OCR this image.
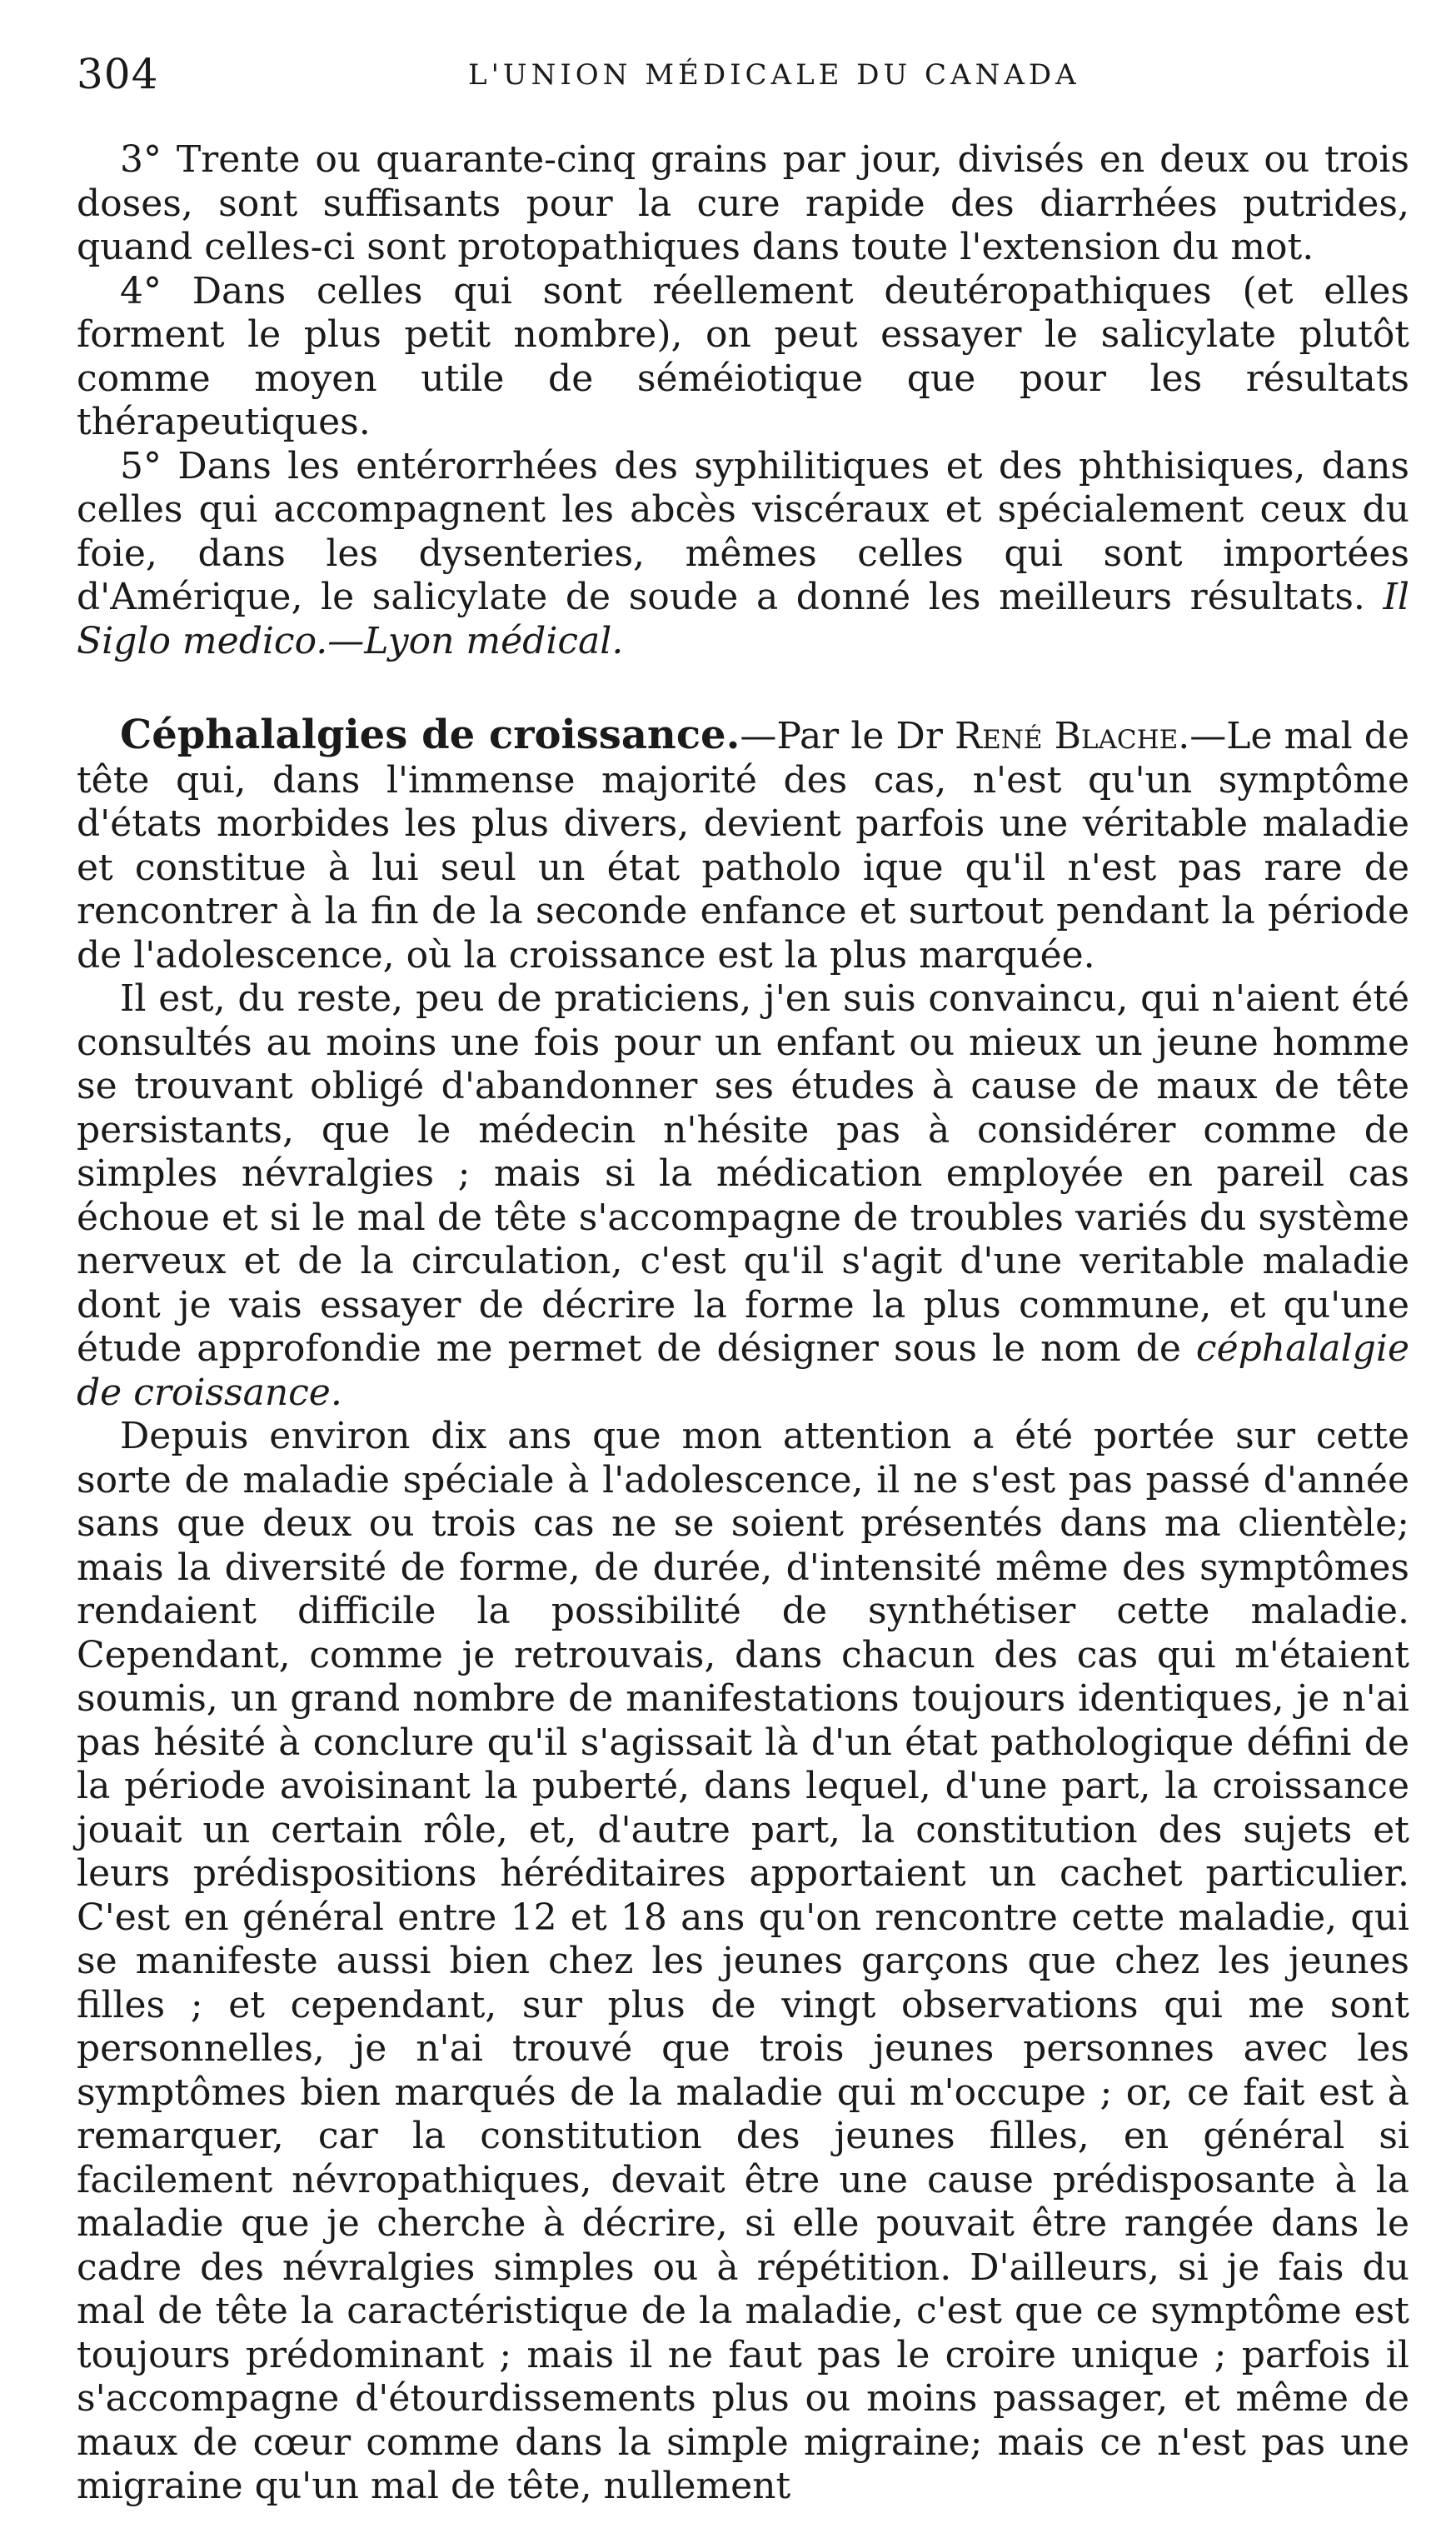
304	L'UNION MÉDICALE DU CANADA

3° Trente ou quarante-cinq grains par jour, divisés en deux ou trois doses, sont suffisants pour la cure rapide des diarrhées putrides, quand celles-ci sont protopathiques dans toute l'extension du mot.

4° Dans celles qui sont réellement deutéropathiques (et elles forment le plus petit nombre), on peut essayer le salicylate plutôt comme moyen utile de séméiotique que pour les résultats thérapeutiques.

5° Dans les entérorrhées des syphilitiques et des phthisiques, dans celles qui accompagnent les abcès viscéraux et spécialement ceux du foie, dans les dysenteries, mêmes celles qui sont importées d'Amérique, le salicylate de soude a donné les meilleurs résultats. Il Siglo medico.—Lyon médical.

Céphalalgies de croissance.—Par le Dr René Blache.—Le mal de tête qui, dans l'immense majorité des cas, n'est qu'un symptôme d'états morbides les plus divers, devient parfois une véritable maladie et constitue à lui seul un état patholo ique qu'il n'est pas rare de rencontrer à la fin de la seconde enfance et surtout pendant la période de l'adolescence, où la croissance est la plus marquée.

Il est, du reste, peu de praticiens, j'en suis convaincu, qui n'aient été consultés au moins une fois pour un enfant ou mieux un jeune homme se trouvant obligé d'abandonner ses études à cause de maux de tête persistants, que le médecin n'hésite pas à considérer comme de simples névralgies ; mais si la médication employée en pareil cas échoue et si le mal de tête s'accompagne de troubles variés du système nerveux et de la circulation, c'est qu'il s'agit d'une veritable maladie dont je vais essayer de décrire la forme la plus commune, et qu'une étude approfondie me permet de désigner sous le nom de céphalalgie de croissance.

Depuis environ dix ans que mon attention a été portée sur cette sorte de maladie spéciale à l'adolescence, il ne s'est pas passé d'année sans que deux ou trois cas ne se soient présentés dans ma clientèle; mais la diversité de forme, de durée, d'intensité même des symptômes rendaient difficile la possibilité de synthétiser cette maladie. Cependant, comme je retrouvais, dans chacun des cas qui m'étaient soumis, un grand nombre de manifestations toujours identiques, je n'ai pas hésité à conclure qu'il s'agissait là d'un état pathologique défini de la période avoisinant la puberté, dans lequel, d'une part, la croissance jouait un certain rôle, et, d'autre part, la constitution des sujets et leurs prédispositions héréditaires apportaient un cachet particulier. C'est en général entre 12 et 18 ans qu'on rencontre cette maladie, qui se manifeste aussi bien chez les jeunes garçons que chez les jeunes filles ; et cependant, sur plus de vingt observations qui me sont personnelles, je n'ai trouvé que trois jeunes personnes avec les symptômes bien marqués de la maladie qui m'occupe ; or, ce fait est à remarquer, car la constitution des jeunes filles, en général si facilement névropathiques, devait être une cause prédisposante à la maladie que je cherche à décrire, si elle pouvait être rangée dans le cadre des névralgies simples ou à répétition. D'ailleurs, si je fais du mal de tête la caractéristique de la maladie, c'est que ce symptôme est toujours prédominant ; mais il ne faut pas le croire unique ; parfois il s'accompagne d'étourdissements plus ou moins passager, et même de maux de cœur comme dans la simple migraine; mais ce n'est pas une migraine qu'un mal de tête, nullement
